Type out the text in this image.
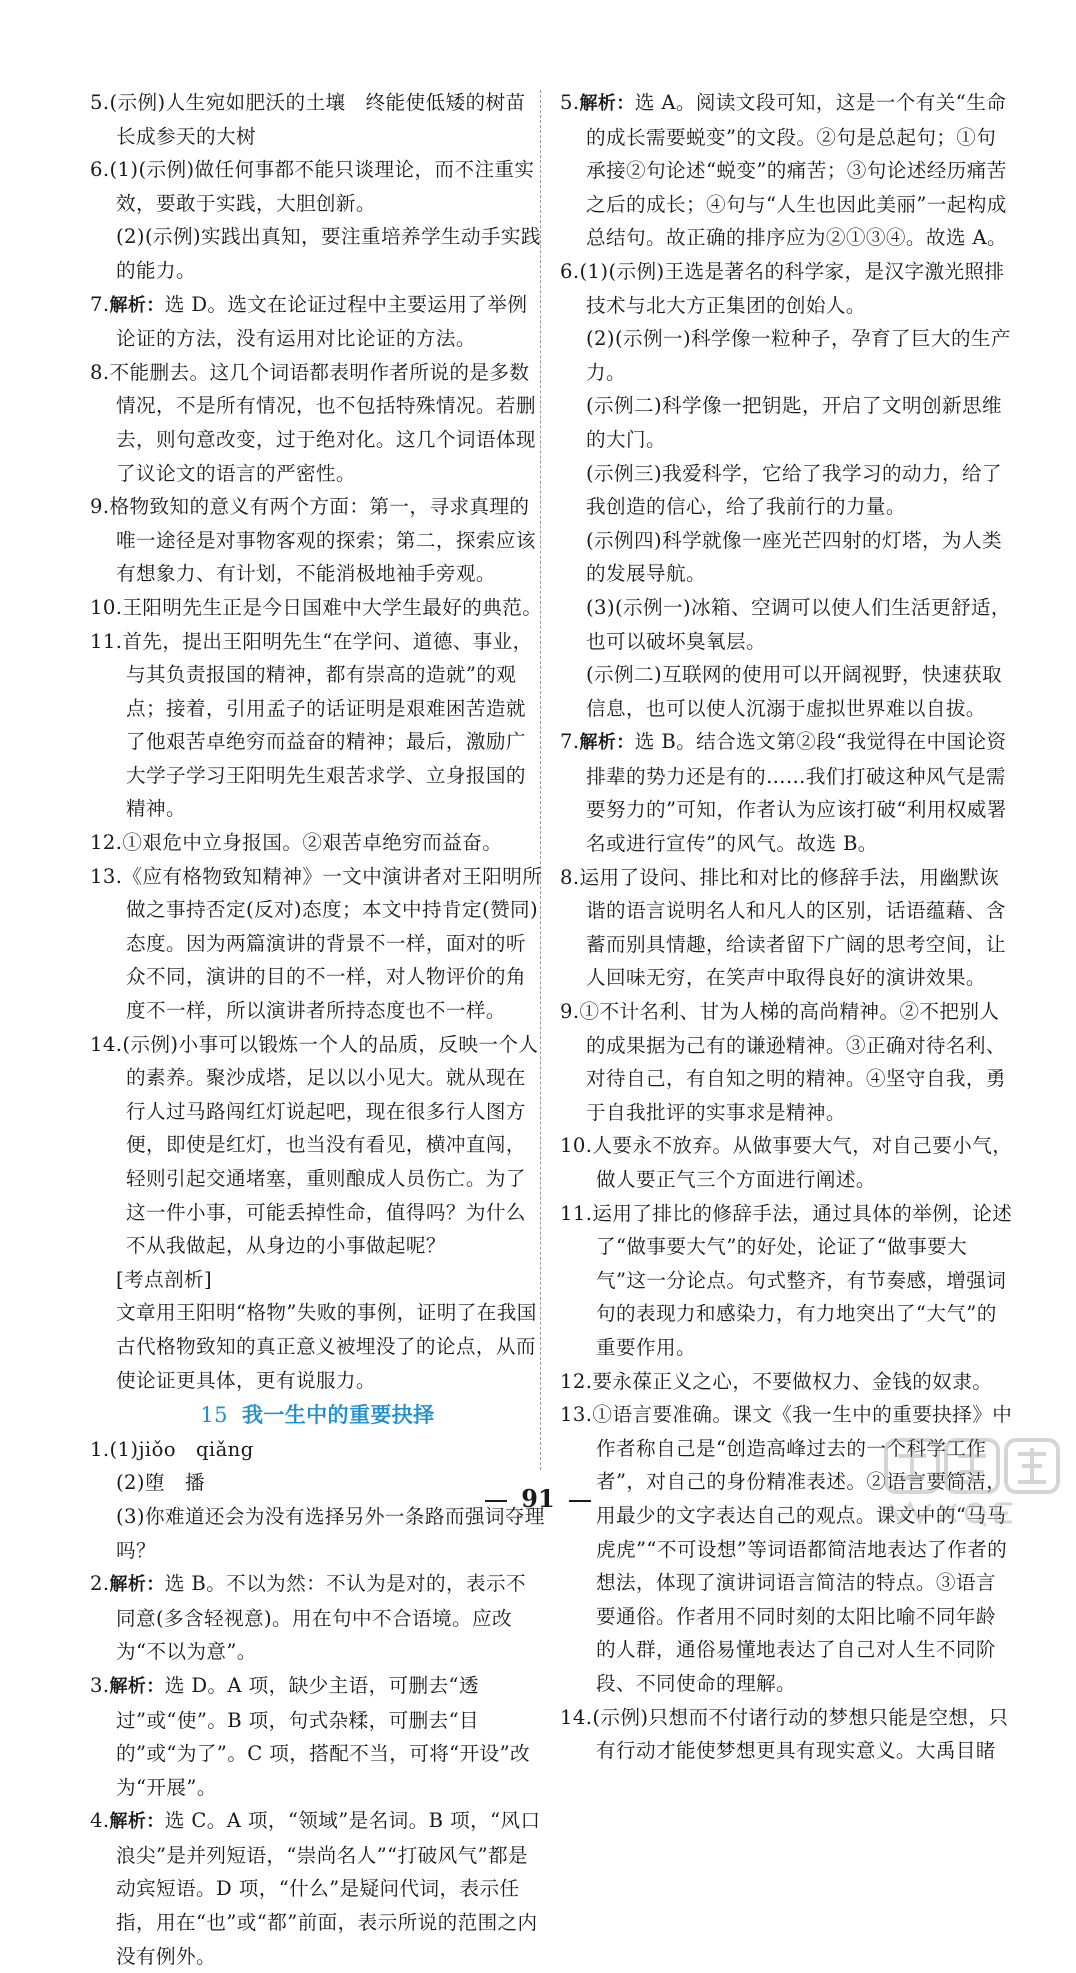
5.(示例)人生宛如肥沃的土壤　终能使低矮的树苗长成参天的大树
6.(1)(示例)做任何事都不能只谈理论，而不注重实效，要敢于实践，大胆创新。
(2)(示例)实践出真知，要注重培养学生动手实践的能力。
7.解析：选 D。选文在论证过程中主要运用了举例论证的方法，没有运用对比论证的方法。
8.不能删去。这几个词语都表明作者所说的是多数情况，不是所有情况，也不包括特殊情况。若删去，则句意改变，过于绝对化。这几个词语体现了议论文的语言的严密性。
9.格物致知的意义有两个方面：第一，寻求真理的唯一途径是对事物客观的探索；第二，探索应该有想象力、有计划，不能消极地袖手旁观。
10.王阳明先生正是今日国难中大学生最好的典范。
11.首先，提出王阳明先生“在学问、道德、事业，与其负责报国的精神，都有崇高的造就”的观点；接着，引用孟子的话证明是艰难困苦造就了他艰苦卓绝穷而益奋的精神；最后，激励广大学子学习王阳明先生艰苦求学、立身报国的精神。
12.①艰危中立身报国。②艰苦卓绝穷而益奋。
13.《应有格物致知精神》一文中演讲者对王阳明所做之事持否定(反对)态度；本文中持肯定(赞同)态度。因为两篇演讲的背景不一样，面对的听众不同，演讲的目的不一样，对人物评价的角度不一样，所以演讲者所持态度也不一样。
14.(示例)小事可以锻炼一个人的品质，反映一个人的素养。聚沙成塔，足以以小见大。就从现在行人过马路闯红灯说起吧，现在很多行人图方便，即使是红灯，也当没有看见，横冲直闯，轻则引起交通堵塞，重则酿成人员伤亡。为了这一件小事，可能丢掉性命，值得吗？为什么不从我做起，从身边的小事做起呢？
[考点剖析]
文章用王阳明“格物”失败的事例，证明了在我国古代格物致知的真正意义被埋没了的论点，从而使论证更具体，更有说服力。
15 我一生中的重要抉择
1.(1)jiǒo　qiǎng
(2)堕　播
(3)你难道还会为没有选择另外一条路而强词夺理吗？
2.解析：选 B。不以为然：不认为是对的，表示不同意(多含轻视意)。用在句中不合语境。应改为“不以为意”。
3.解析：选 D。A 项，缺少主语，可删去“透过”或“使”。B 项，句式杂糅，可删去“目的”或“为了”。C 项，搭配不当，可将“开设”改为“开展”。
4.解析：选 C。A 项，“领域”是名词。B 项，“风口浪尖”是并列短语，“崇尚名人”“打破风气”都是动宾短语。D 项，“什么”是疑问代词，表示任指，用在“也”或“都”前面，表示所说的范围之内没有例外。
5.解析：选 A。阅读文段可知，这是一个有关“生命的成长需要蜕变”的文段。②句是总起句；①句承接②句论述“蜕变”的痛苦；③句论述经历痛苦之后的成长；④句与“人生也因此美丽”一起构成总结句。故正确的排序应为②①③④。故选 A。
6.(1)(示例)王选是著名的科学家，是汉字激光照排技术与北大方正集团的创始人。
(2)(示例一)科学像一粒种子，孕育了巨大的生产力。
(示例二)科学像一把钥匙，开启了文明创新思维的大门。
(示例三)我爱科学，它给了我学习的动力，给了我创造的信心，给了我前行的力量。
(示例四)科学就像一座光芒四射的灯塔，为人类的发展导航。
(3)(示例一)冰箱、空调可以使人们生活更舒适，也可以破坏臭氧层。
(示例二)互联网的使用可以开阔视野，快速获取信息，也可以使人沉溺于虚拟世界难以自拔。
7.解析：选 B。结合选文第②段“我觉得在中国论资排辈的势力还是有的……我们打破这种风气是需要努力的”可知，作者认为应该打破“利用权威署名或进行宣传”的风气。故选 B。
8.运用了设问、排比和对比的修辞手法，用幽默诙谐的语言说明名人和凡人的区别，话语蕴藉、含蓄而别具情趣，给读者留下广阔的思考空间，让人回味无穷，在笑声中取得良好的演讲效果。
9.①不计名利、甘为人梯的高尚精神。②不把别人的成果据为己有的谦逊精神。③正确对待名利、对待自己，有自知之明的精神。④坚守自我，勇于自我批评的实事求是精神。
10.人要永不放弃。从做事要大气，对自己要小气，做人要正气三个方面进行阐述。
11.运用了排比的修辞手法，通过具体的举例，论述了“做事要大气”的好处，论证了“做事要大气”这一分论点。句式整齐，有节奏感，增强词句的表现力和感染力，有力地突出了“大气”的重要作用。
12.要永葆正义之心，不要做权力、金钱的奴隶。
13.①语言要准确。课文《我一生中的重要抉择》中作者称自己是“创造高峰过去的一个科学工作者”，对自己的身份精准表述。②语言要简洁，用最少的文字表达自己的观点。课文中的“马马虎虎”“不可设想”等词语都简洁地表达了作者的想法，体现了演讲词语言简洁的特点。③语言要通俗。作者用不同时刻的太阳比喻不同年龄的人群，通俗易懂地表达了自己对人生不同阶段、不同使命的理解。
14.(示例)只想而不付诸行动的梦想只能是空想，只有行动才能使梦想更具有现实意义。大禹目睹
91
